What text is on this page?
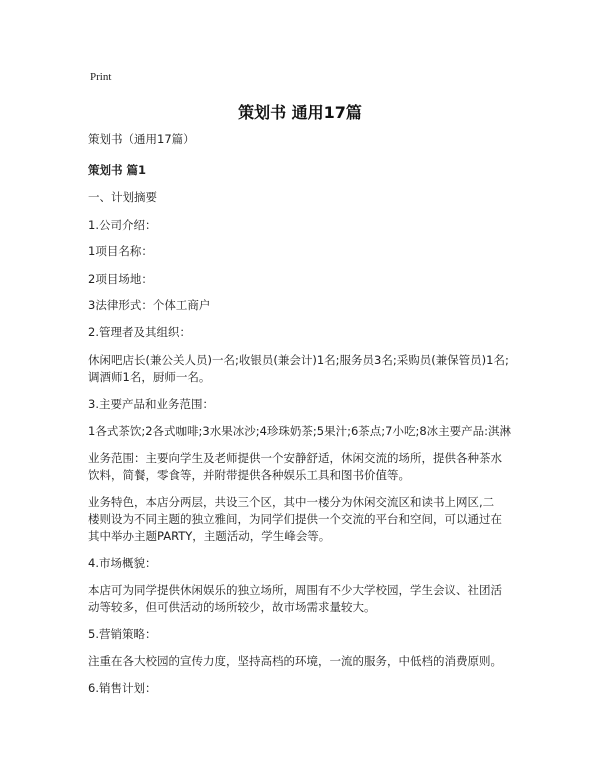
Print
策划书 通用17篇
策划书（通用17篇）
策划书 篇1
一、计划摘要
1.公司介绍：
1项目名称：
2项目场地：
3法律形式：个体工商户
2.管理者及其组织：
休闲吧店长(兼公关人员)一名;收银员(兼会计)1名;服务员3名;采购员(兼保管员)1名;
调酒师1名，厨师一名。
3.主要产品和业务范围：
1各式茶饮;2各式咖啡;3水果冰沙;4珍珠奶茶;5果汁;6茶点;7小吃;8冰主要产品:淇淋
业务范围：主要向学生及老师提供一个安静舒适，休闲交流的场所，提供各种茶水
饮料，简餐，零食等，并附带提供各种娱乐工具和图书价值等。
业务特色，本店分两层，共设三个区，其中一楼分为休闲交流区和读书上网区,二
楼则设为不同主题的独立雅间，为同学们提供一个交流的平台和空间，可以通过在
其中举办主题PARTY，主题活动，学生峰会等。
4.市场概貌：
本店可为同学提供休闲娱乐的独立场所，周围有不少大学校园，学生会议、社团活
动等较多，但可供活动的场所较少，故市场需求量较大。
5.营销策略：
注重在各大校园的宣传力度，坚持高档的环境，一流的服务，中低档的消费原则。
6.销售计划：
